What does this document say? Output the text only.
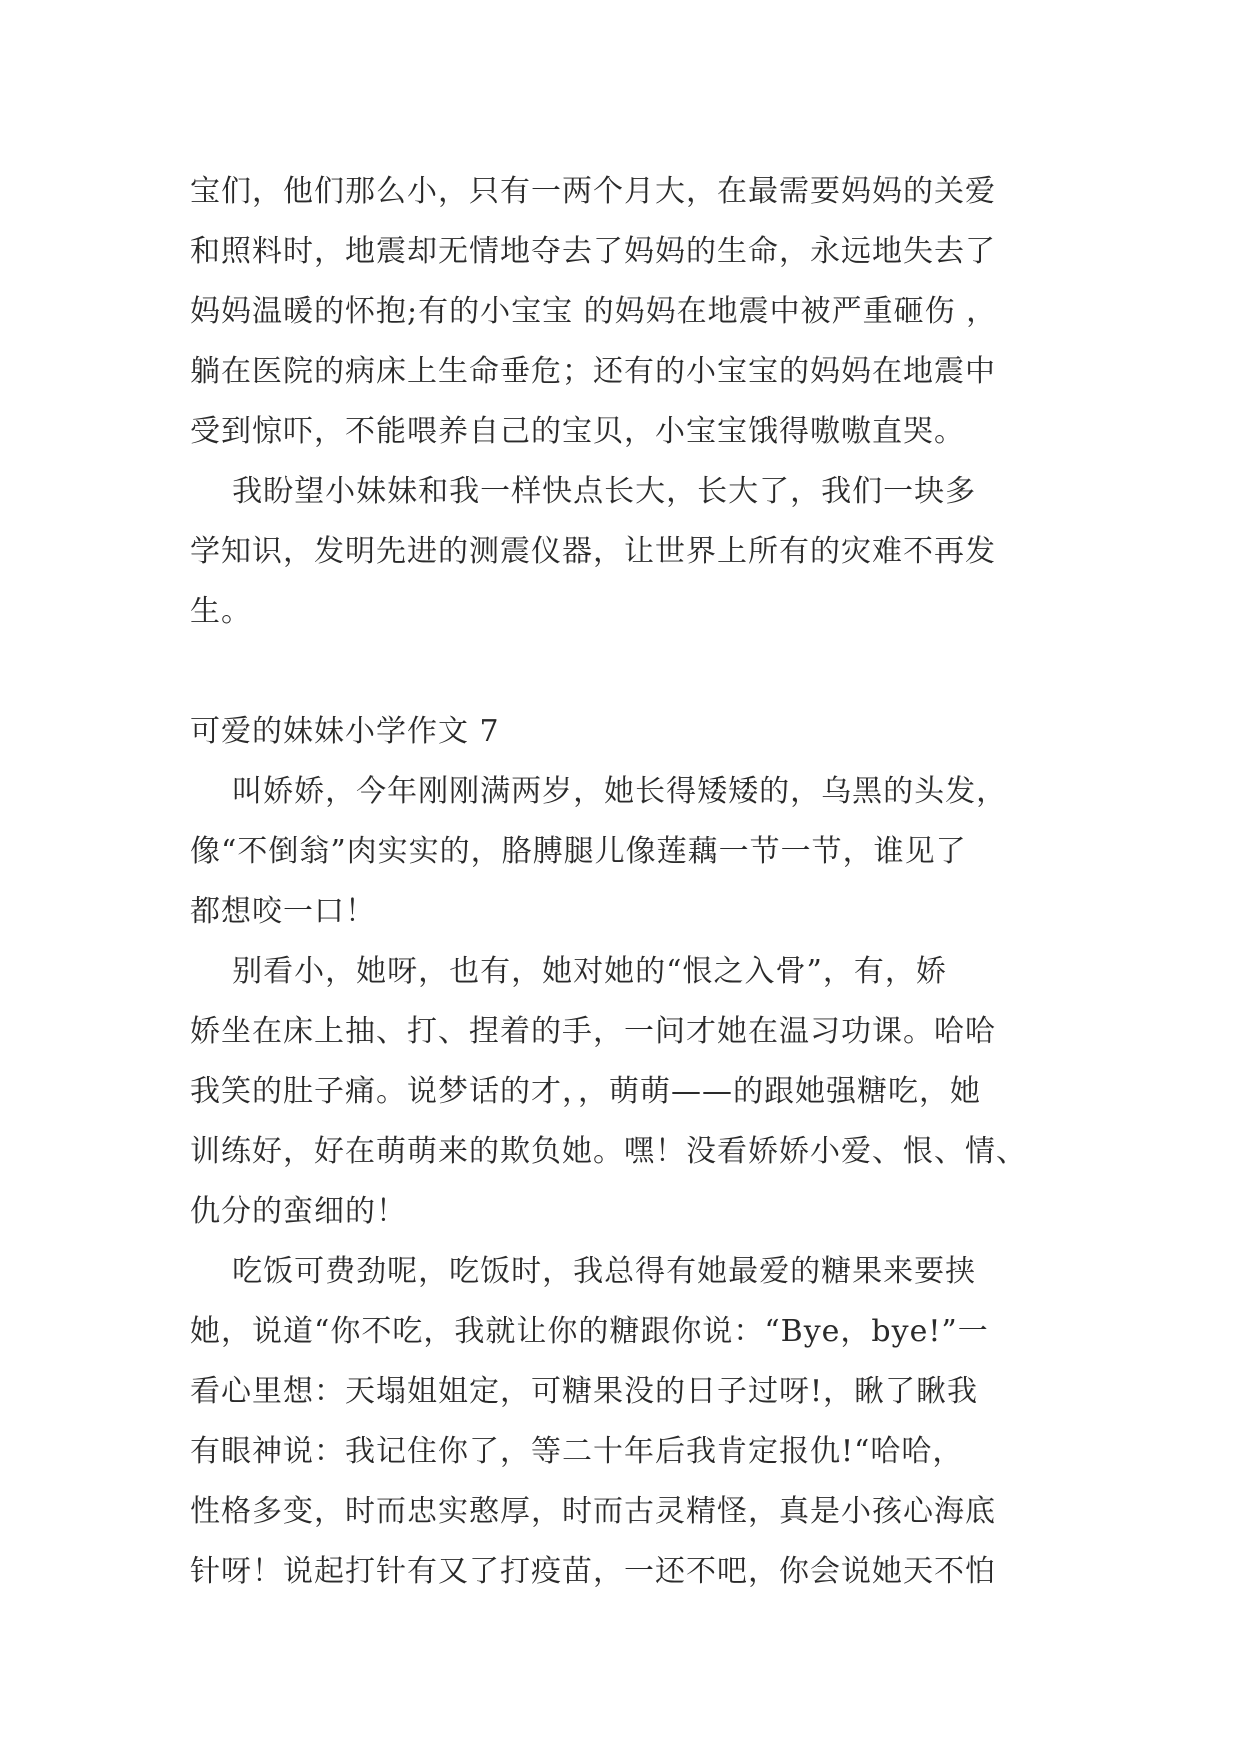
宝们，他们那么小，只有一两个月大，在最需要妈妈的关爱
和照料时，地震却无情地夺去了妈妈的生命，永远地失去了
妈妈温暖的怀抱;有的小宝宝 的妈妈在地震中被严重砸伤 ，
躺在医院的病床上生命垂危；还有的小宝宝的妈妈在地震中
受到惊吓，不能喂养自己的宝贝，小宝宝饿得嗷嗷直哭。
我盼望小妹妹和我一样快点长大，长大了，我们一块多
学知识，发明先进的测震仪器，让世界上所有的灾难不再发
生。
可爱的妹妹小学作文 7
叫娇娇，今年刚刚满两岁，她长得矮矮的，乌黑的头发，
像“不倒翁”肉实实的，胳膊腿儿像莲藕一节一节，谁见了
都想咬一口！
别看小，她呀，也有，她对她的“恨之入骨”，有，娇
娇坐在床上抽、打、捏着的手，一问才她在温习功课。哈哈
我笑的肚子痛。说梦话的才，，萌萌——的跟她强糖吃，她
训练好，好在萌萌来的欺负她。嘿！没看娇娇小爱、恨、情、
仇分的蛮细的！
吃饭可费劲呢，吃饭时，我总得有她最爱的糖果来要挟
她，说道“你不吃，我就让你的糖跟你说：“Bye，bye!”一
看心里想：天塌姐姐定，可糖果没的日子过呀!，瞅了瞅我
有眼神说：我记住你了，等二十年后我肯定报仇!“哈哈，
性格多变，时而忠实憨厚，时而古灵精怪，真是小孩心海底
针呀！说起打针有又了打疫苗，一还不吧，你会说她天不怕
